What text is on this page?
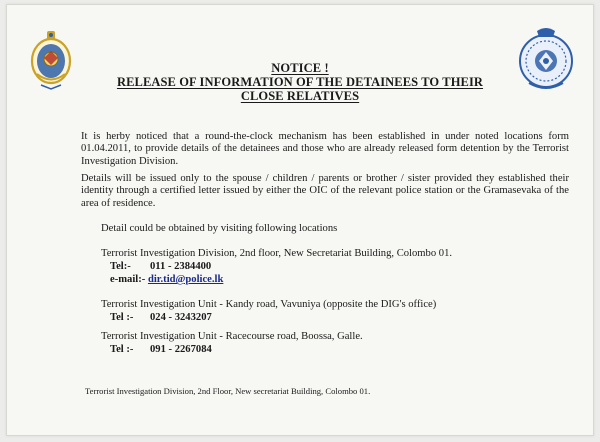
NOTICE !
RELEASE OF INFORMATION OF THE DETAINEES TO THEIR
CLOSE RELATIVES
It is herby noticed that a round-the-clock mechanism has been established in under noted locations form 01.04.2011, to provide details of the detainees and those who are already released form detention by the Terrorist Investigation Division.
Details will be issued only to the spouse / children / parents or brother / sister provided they established their identity through a certified letter issued by either the OIC of the relevant police station or the Gramasevaka of the area of residence.
Detail could be obtained by visiting following locations
Terrorist Investigation Division, 2nd floor, New Secretariat Building, Colombo 01.
Tel:- 011 - 2384400
e-mail:- dir.tid@police.lk
Terrorist Investigation Unit - Kandy road, Vavuniya (opposite the DIG's office)
Tel :- 024 - 3243207
Terrorist Investigation Unit - Racecourse road, Boossa, Galle.
Tel :- 091 - 2267084
Terrorist Investigation Division, 2nd Floor, New secretariat Building, Colombo 01.
